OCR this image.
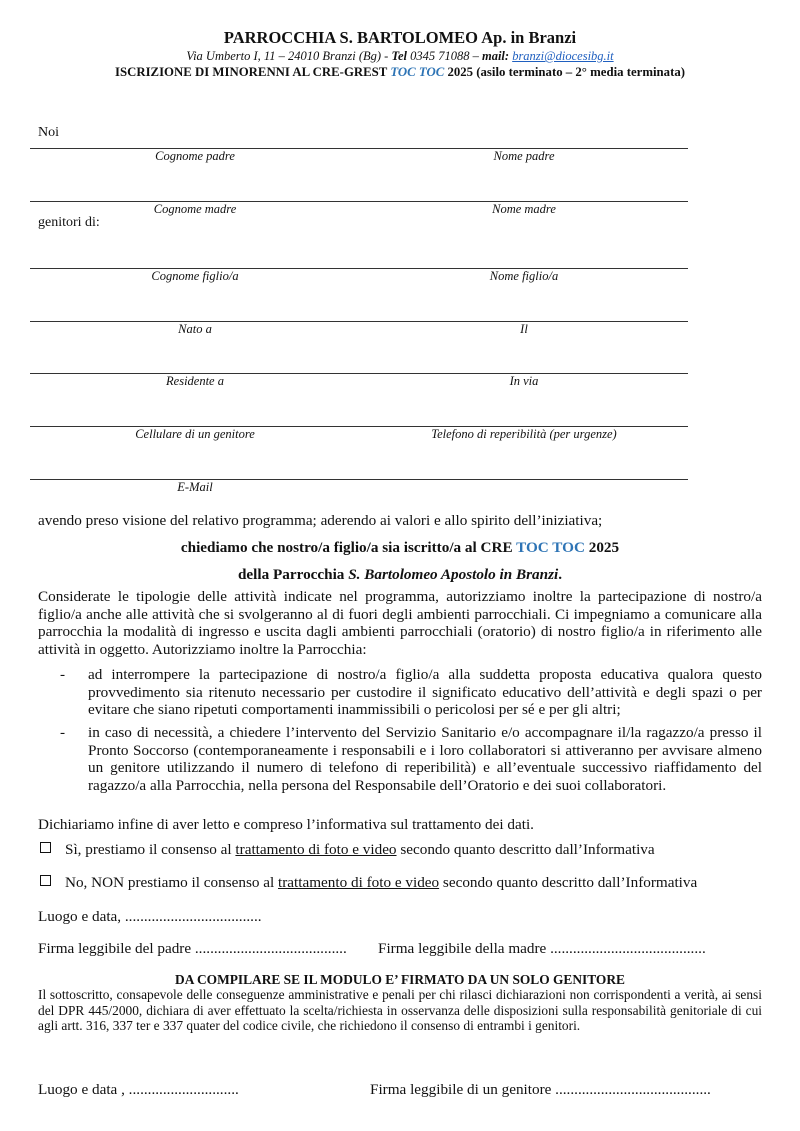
PARROCCHIA S. BARTOLOMEO Ap. in Branzi
Via Umberto I, 11 – 24010 Branzi (Bg) - Tel 0345 71088 – mail: branzi@diocesibg.it
ISCRIZIONE DI MINORENNI AL CRE-GREST TOC TOC 2025 (asilo terminato – 2° media terminata)
Noi
Cognome padre	Nome padre
Cognome madre	Nome madre
genitori di:
Cognome figlio/a	Nome figlio/a
Nato a	Il
Residente a	In via
Cellulare di un genitore	Telefono di reperibilità (per urgenze)
E-Mail
avendo preso visione del relativo programma; aderendo ai valori e allo spirito dell’iniziativa;
chiediamo che nostro/a figlio/a sia iscritto/a al CRE TOC TOC 2025
della Parrocchia S. Bartolomeo Apostolo in Branzi.
Considerate le tipologie delle attività indicate nel programma, autorizziamo inoltre la partecipazione di nostro/a figlio/a anche alle attività che si svolgeranno al di fuori degli ambienti parrocchiali. Ci impegniamo a comunicare alla parrocchia la modalità di ingresso e uscita dagli ambienti parrocchiali (oratorio) di nostro figlio/a in riferimento alle attività in oggetto. Autorizziamo inoltre la Parrocchia:
- ad interrompere la partecipazione di nostro/a figlio/a alla suddetta proposta educativa qualora questo provvedimento sia ritenuto necessario per custodire il significato educativo dell’attività e degli spazi o per evitare che siano ripetuti comportamenti inammissibili o pericolosi per sé e per gli altri;
- in caso di necessità, a chiedere l’intervento del Servizio Sanitario e/o accompagnare il/la ragazzo/a presso il Pronto Soccorso (contemporaneamente i responsabili e i loro collaboratori si attiveranno per avvisare almeno un genitore utilizzando il numero di telefono di reperibilità) e all’eventuale successivo riaffidamento del ragazzo/a alla Parrocchia, nella persona del Responsabile dell’Oratorio e dei suoi collaboratori.
Dichiariamo infine di aver letto e compreso l’informativa sul trattamento dei dati.
Sì, prestiamo il consenso al trattamento di foto e video secondo quanto descritto dall’Informativa
No, NON prestiamo il consenso al trattamento di foto e video secondo quanto descritto dall’Informativa
Luogo e data, ....................................
Firma leggibile del padre ........................................ Firma leggibile della madre .........................................
DA COMPILARE SE IL MODULO E’ FIRMATO DA UN SOLO GENITORE
Il sottoscritto, consapevole delle conseguenze amministrative e penali per chi rilasci dichiarazioni non corrispondenti a verità, ai sensi del DPR 445/2000, dichiara di aver effettuato la scelta/richiesta in osservanza delle disposizioni sulla responsabilità genitoriale di cui agli artt. 316, 337 ter e 337 quater del codice civile, che richiedono il consenso di entrambi i genitori.
Luogo e data , .............................	Firma leggibile di un genitore .........................................
